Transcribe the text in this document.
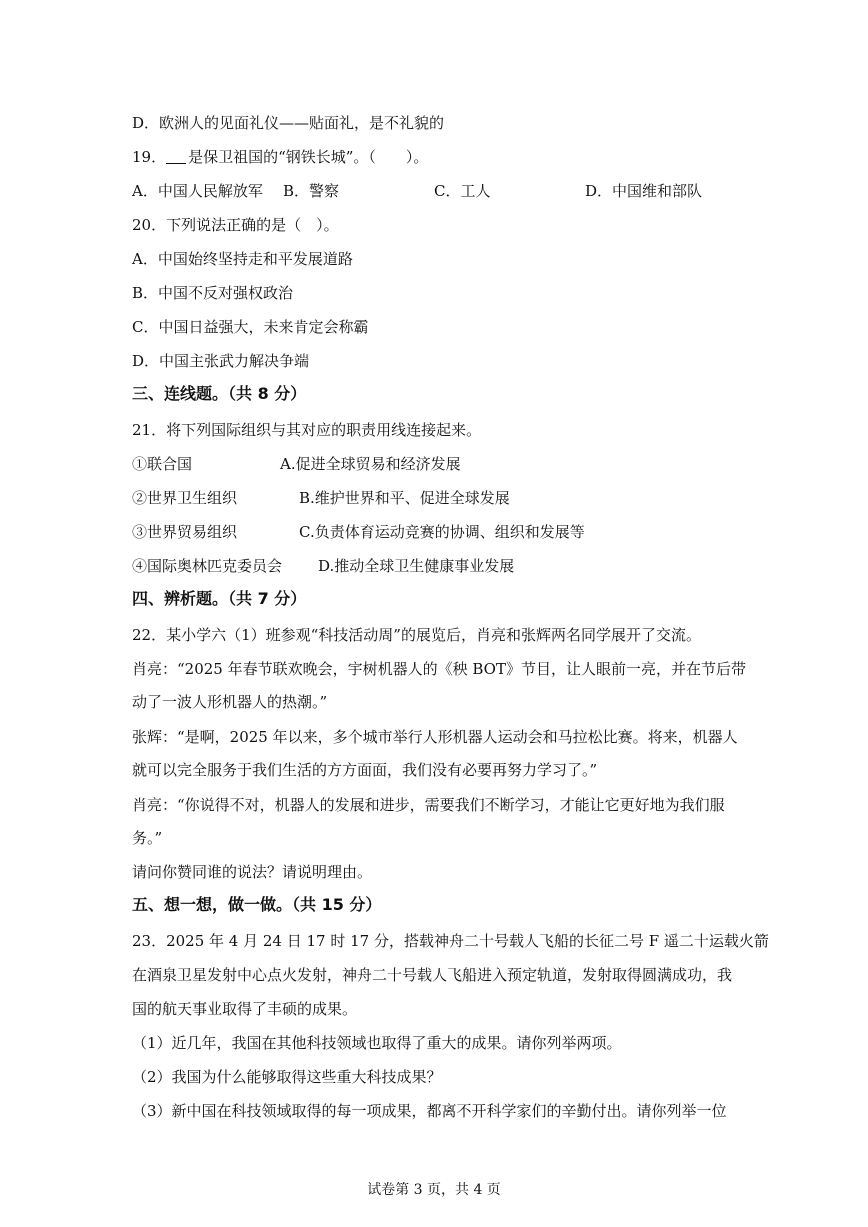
D．欧洲人的见面礼仪——贴面礼，是不礼貌的
19． 是保卫祖国的“钢铁长城”。（　　）。
A．中国人民解放军 B．警察	C．工人	D．中国维和部队
20．下列说法正确的是（　）。
A．中国始终坚持走和平发展道路
B．中国不反对强权政治
C．中国日益强大，未来肯定会称霸
D．中国主张武力解决争端
三、连线题。（共 8 分）
21．将下列国际组织与其对应的职责用线连接起来。
①联合国	A.促进全球贸易和经济发展
②世界卫生组织	B.维护世界和平、促进全球发展
③世界贸易组织	C.负责体育运动竞赛的协调、组织和发展等
④国际奥林匹克委员会 D.推动全球卫生健康事业发展
四、辨析题。（共 7 分）
22．某小学六（1）班参观“科技活动周”的展览后，肖亮和张辉两名同学展开了交流。
肖亮：“2025 年春节联欢晚会，宇树机器人的《秧 BOT》节目，让人眼前一亮，并在节后带
动了一波人形机器人的热潮。”
张辉：“是啊，2025 年以来，多个城市举行人形机器人运动会和马拉松比赛。将来，机器人
就可以完全服务于我们生活的方方面面，我们没有必要再努力学习了。”
肖亮：“你说得不对，机器人的发展和进步，需要我们不断学习，才能让它更好地为我们服
务。”
请问你赞同谁的说法？请说明理由。
五、想一想，做一做。（共 15 分）
23．2025 年 4 月 24 日 17 时 17 分，搭载神舟二十号载人飞船的长征二号 F 遥二十运载火箭
在酒泉卫星发射中心点火发射，神舟二十号载人飞船进入预定轨道，发射取得圆满成功，我
国的航天事业取得了丰硕的成果。
（1）近几年，我国在其他科技领域也取得了重大的成果。请你列举两项。
（2）我国为什么能够取得这些重大科技成果？
（3）新中国在科技领域取得的每一项成果，都离不开科学家们的辛勤付出。请你列举一位
试卷第 3 页，共 4 页
